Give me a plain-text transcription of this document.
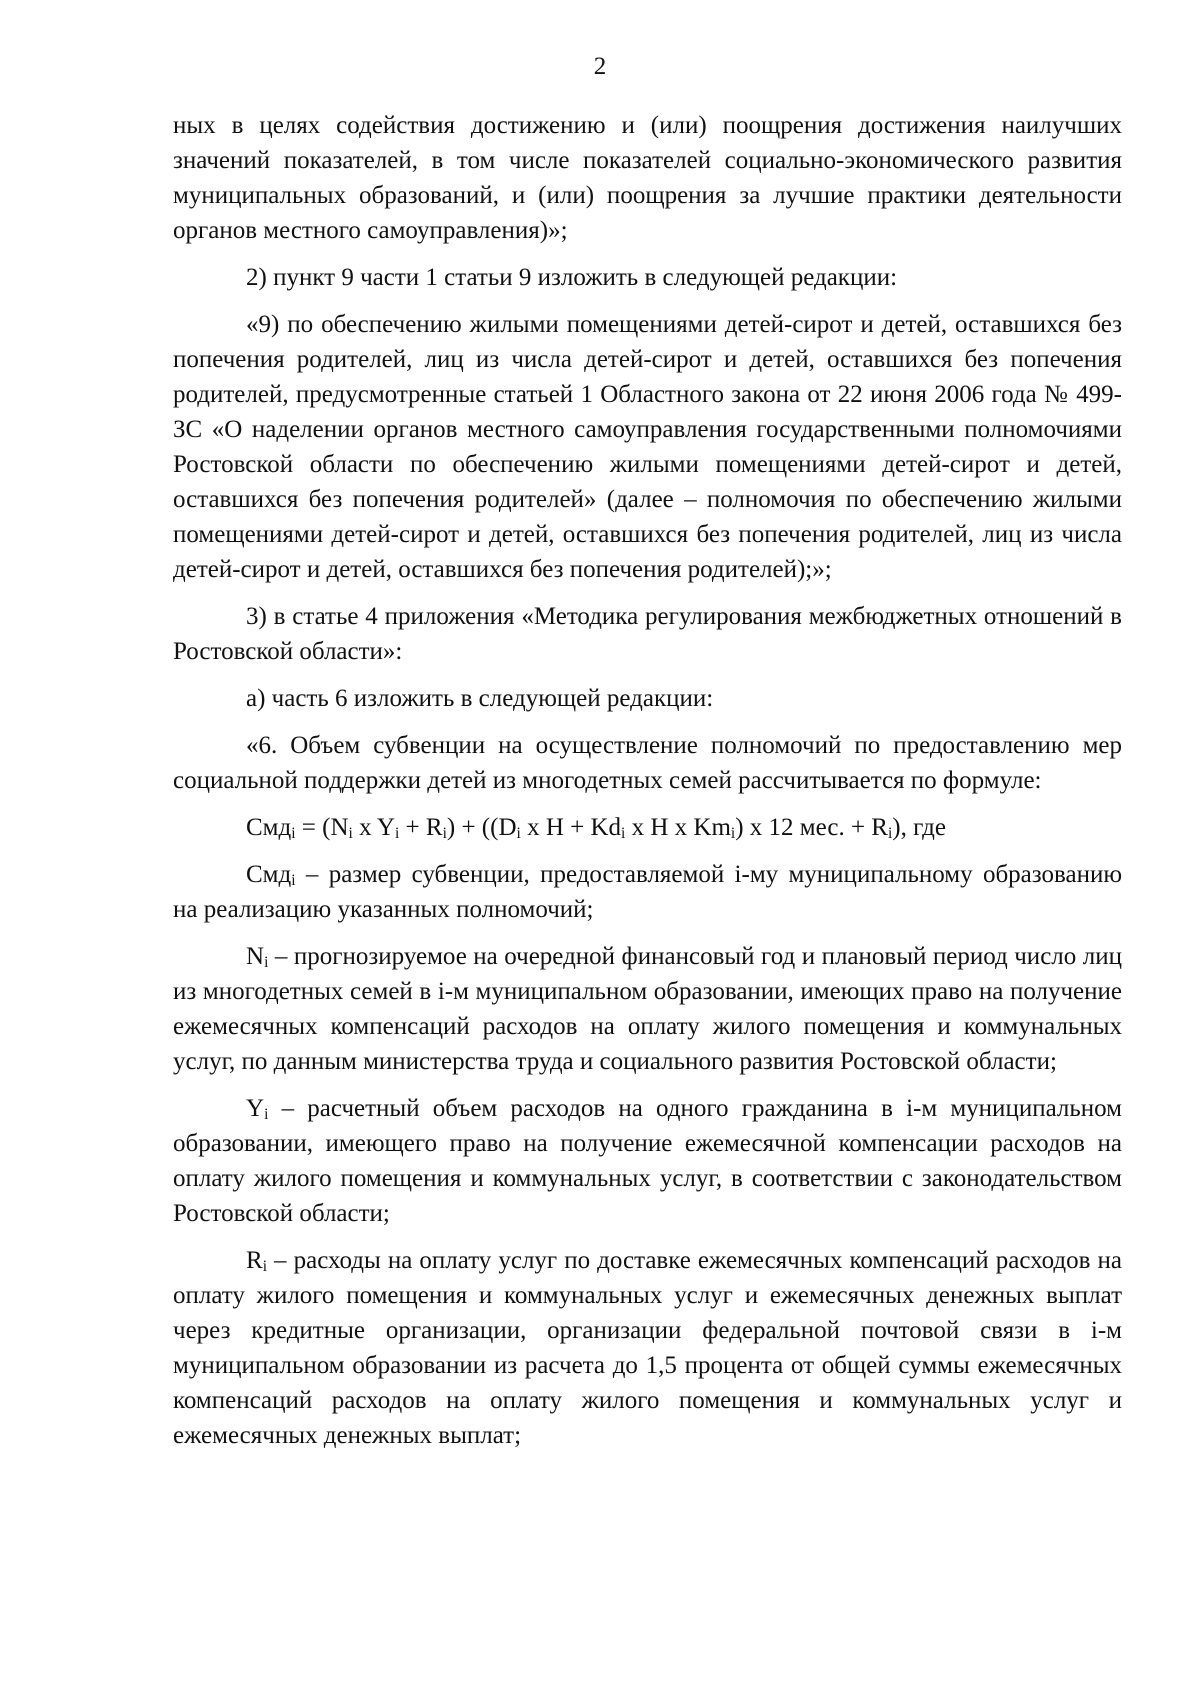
2

ных в целях содействия достижению и (или) поощрения достижения наилучших значений показателей, в том числе показателей социально-экономического развития муниципальных образований, и (или) поощрения за лучшие практики деятельности органов местного самоуправления)»;

2) пункт 9 части 1 статьи 9 изложить в следующей редакции:

«9) по обеспечению жилыми помещениями детей-сирот и детей, оставшихся без попечения родителей, лиц из числа детей-сирот и детей, оставшихся без попечения родителей, предусмотренные статьей 1 Областного закона от 22 июня 2006 года № 499-ЗС «О наделении органов местного самоуправления государственными полномочиями Ростовской области по обеспечению жилыми помещениями детей-сирот и детей, оставшихся без попечения родителей» (далее – полномочия по обеспечению жилыми помещениями детей-сирот и детей, оставшихся без попечения родителей, лиц из числа детей-сирот и детей, оставшихся без попечения родителей);»;

3) в статье 4 приложения «Методика регулирования межбюджетных отношений в Ростовской области»:

а) часть 6 изложить в следующей редакции:

«6. Объем субвенции на осуществление полномочий по предоставлению мер социальной поддержки детей из многодетных семей рассчитывается по формуле:

$Смд_i = (N_i$ x $Y_i + R_i) + ((D_i$ x $H + Kd_i$ x H x $Km_i$) x 12 мес. + $R_i$), где

Смд$_i$ – размер субвенции, предоставляемой i-му муниципальному образованию на реализацию указанных полномочий;

$N_i$ – прогнозируемое на очередной финансовый год и плановый период число лиц из многодетных семей в i-м муниципальном образовании, имеющих право на получение ежемесячных компенсаций расходов на оплату жилого помещения и коммунальных услуг, по данным министерства труда и социального развития Ростовской области;

$Y_i$ – расчетный объем расходов на одного гражданина в i-м муниципальном образовании, имеющего право на получение ежемесячной компенсации расходов на оплату жилого помещения и коммунальных услуг, в соответствии с законодательством Ростовской области;

$R_i$ – расходы на оплату услуг по доставке ежемесячных компенсаций расходов на оплату жилого помещения и коммунальных услуг и ежемесячных денежных выплат через кредитные организации, организации федеральной почтовой связи в i-м муниципальном образовании из расчета до 1,5 процента от общей суммы ежемесячных компенсаций расходов на оплату жилого помещения и коммунальных услуг и ежемесячных денежных выплат;
